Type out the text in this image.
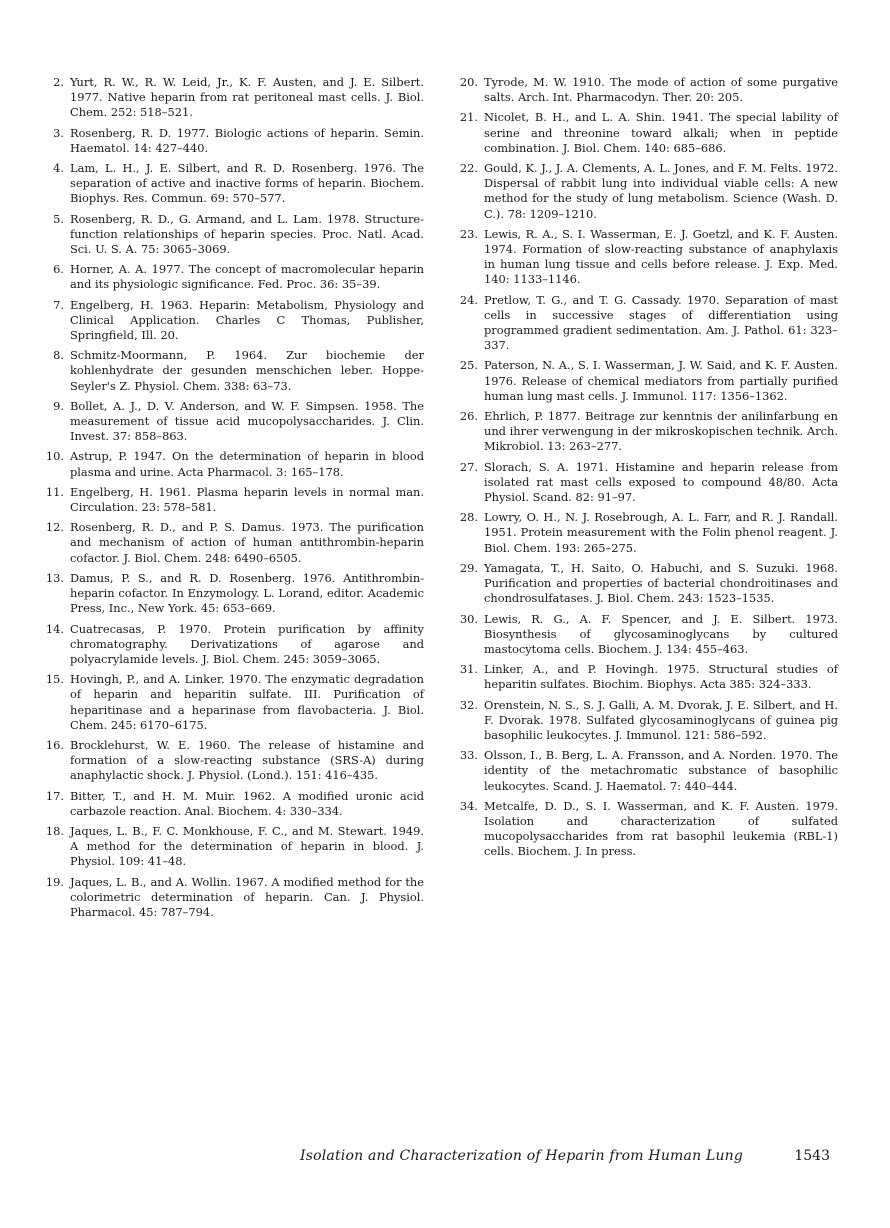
2. Yurt, R. W., R. W. Leid, Jr., K. F. Austen, and J. E. Silbert. 1977. Native heparin from rat peritoneal mast cells. J. Biol. Chem. 252: 518–521.
3. Rosenberg, R. D. 1977. Biologic actions of heparin. Semin. Haematol. 14: 427–440.
4. Lam, L. H., J. E. Silbert, and R. D. Rosenberg. 1976. The separation of active and inactive forms of heparin. Biochem. Biophys. Res. Commun. 69: 570–577.
5. Rosenberg, R. D., G. Armand, and L. Lam. 1978. Structure-function relationships of heparin species. Proc. Natl. Acad. Sci. U. S. A. 75: 3065–3069.
6. Horner, A. A. 1977. The concept of macromolecular heparin and its physiologic significance. Fed. Proc. 36: 35–39.
7. Engelberg, H. 1963. Heparin: Metabolism, Physiology and Clinical Application. Charles C Thomas, Publisher, Springfield, Ill. 20.
8. Schmitz-Moormann, P. 1964. Zur biochemie der kohlenhydrate der gesunden menschichen leber. Hoppe-Seyler's Z. Physiol. Chem. 338: 63–73.
9. Bollet, A. J., D. V. Anderson, and W. F. Simpsen. 1958. The measurement of tissue acid mucopolysaccharides. J. Clin. Invest. 37: 858–863.
10. Astrup, P. 1947. On the determination of heparin in blood plasma and urine. Acta Pharmacol. 3: 165–178.
11. Engelberg, H. 1961. Plasma heparin levels in normal man. Circulation. 23: 578–581.
12. Rosenberg, R. D., and P. S. Damus. 1973. The purification and mechanism of action of human antithrombin-heparin cofactor. J. Biol. Chem. 248: 6490–6505.
13. Damus, P. S., and R. D. Rosenberg. 1976. Antithrombin-heparin cofactor. In Enzymology. L. Lorand, editor. Academic Press, Inc., New York. 45: 653–669.
14. Cuatrecasas, P. 1970. Protein purification by affinity chromatography. Derivatizations of agarose and polyacrylamide levels. J. Biol. Chem. 245: 3059–3065.
15. Hovingh, P., and A. Linker. 1970. The enzymatic degradation of heparin and heparitin sulfate. III. Purification of heparitinase and a heparinase from flavobacteria. J. Biol. Chem. 245: 6170–6175.
16. Brocklehurst, W. E. 1960. The release of histamine and formation of a slow-reacting substance (SRS-A) during anaphylactic shock. J. Physiol. (Lond.). 151: 416–435.
17. Bitter, T., and H. M. Muir. 1962. A modified uronic acid carbazole reaction. Anal. Biochem. 4: 330–334.
18. Jaques, L. B., F. C. Monkhouse, F. C., and M. Stewart. 1949. A method for the determination of heparin in blood. J. Physiol. 109: 41–48.
19. Jaques, L. B., and A. Wollin. 1967. A modified method for the colorimetric determination of heparin. Can. J. Physiol. Pharmacol. 45: 787–794.
20. Tyrode, M. W. 1910. The mode of action of some purgative salts. Arch. Int. Pharmacodyn. Ther. 20: 205.
21. Nicolet, B. H., and L. A. Shin. 1941. The special lability of serine and threonine toward alkali; when in peptide combination. J. Biol. Chem. 140: 685–686.
22. Gould, K. J., J. A. Clements, A. L. Jones, and F. M. Felts. 1972. Dispersal of rabbit lung into individual viable cells: A new method for the study of lung metabolism. Science (Wash. D. C.). 78: 1209–1210.
23. Lewis, R. A., S. I. Wasserman, E. J. Goetzl, and K. F. Austen. 1974. Formation of slow-reacting substance of anaphylaxis in human lung tissue and cells before release. J. Exp. Med. 140: 1133–1146.
24. Pretlow, T. G., and T. G. Cassady. 1970. Separation of mast cells in successive stages of differentiation using programmed gradient sedimentation. Am. J. Pathol. 61: 323–337.
25. Paterson, N. A., S. I. Wasserman, J. W. Said, and K. F. Austen. 1976. Release of chemical mediators from partially purified human lung mast cells. J. Immunol. 117: 1356–1362.
26. Ehrlich, P. 1877. Beitrage zur kenntnis der anilinfarbung en und ihrer verwengung in der mikroskopischen technik. Arch. Mikrobiol. 13: 263–277.
27. Slorach, S. A. 1971. Histamine and heparin release from isolated rat mast cells exposed to compound 48/80. Acta Physiol. Scand. 82: 91–97.
28. Lowry, O. H., N. J. Rosebrough, A. L. Farr, and R. J. Randall. 1951. Protein measurement with the Folin phenol reagent. J. Biol. Chem. 193: 265–275.
29. Yamagata, T., H. Saito, O. Habuchi, and S. Suzuki. 1968. Purification and properties of bacterial chondroitinases and chondrosulfatases. J. Biol. Chem. 243: 1523–1535.
30. Lewis, R. G., A. F. Spencer, and J. E. Silbert. 1973. Biosynthesis of glycosaminoglycans by cultured mastocytoma cells. Biochem. J. 134: 455–463.
31. Linker, A., and P. Hovingh. 1975. Structural studies of heparitin sulfates. Biochim. Biophys. Acta 385: 324–333.
32. Orenstein, N. S., S. J. Galli, A. M. Dvorak, J. E. Silbert, and H. F. Dvorak. 1978. Sulfated glycosaminoglycans of guinea pig basophilic leukocytes. J. Immunol. 121: 586–592.
33. Olsson, I., B. Berg, L. A. Fransson, and A. Norden. 1970. The identity of the metachromatic substance of basophilic leukocytes. Scand. J. Haematol. 7: 440–444.
34. Metcalfe, D. D., S. I. Wasserman, and K. F. Austen. 1979. Isolation and characterization of sulfated mucopolysaccharides from rat basophil leukemia (RBL-1) cells. Biochem. J. In press.
Isolation and Characterization of Heparin from Human Lung	1543
